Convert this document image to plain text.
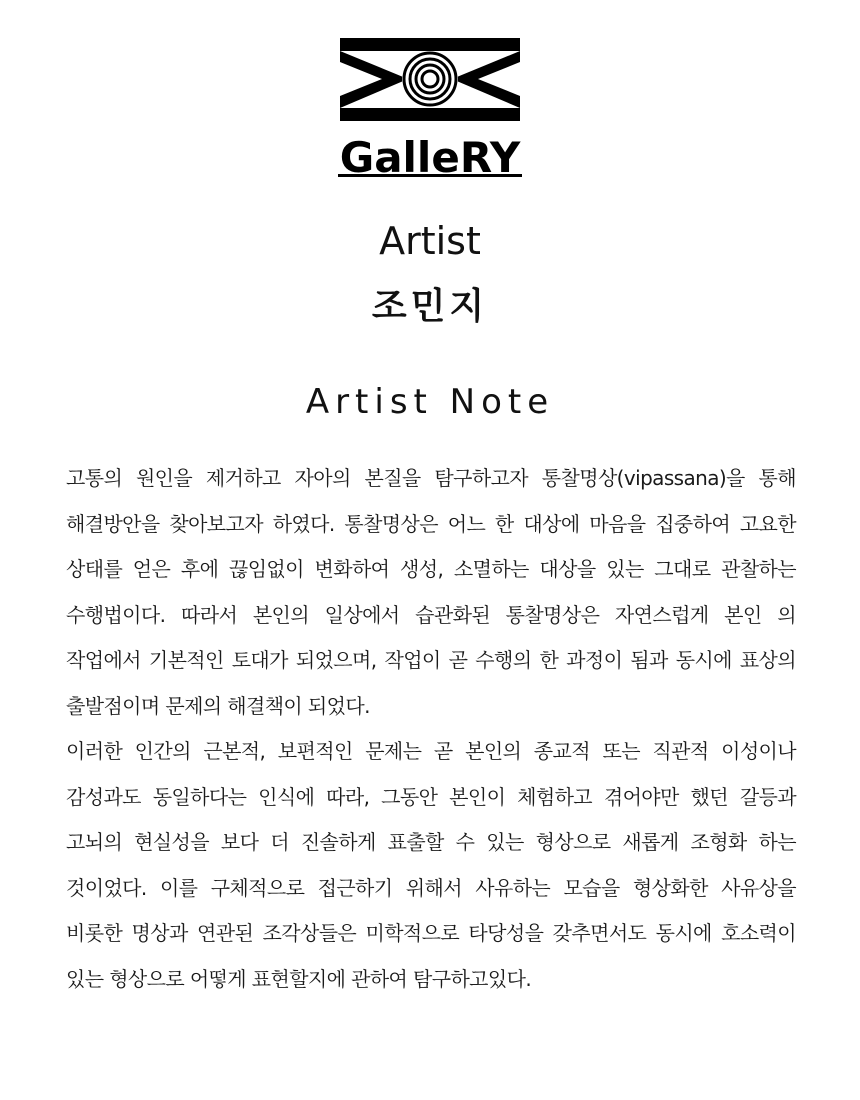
GalleRY
Artist
조민지
Artist Note

고통의 원인을 제거하고 자아의 본질을 탐구하고자 통찰명상(vipassana)을 통해 해결방안을 찾아보고자 하였다. 통찰명상은 어느 한 대상에 마음을 집중하여 고요한 상태를 얻은 후에 끊임없이 변화하여 생성, 소멸하는 대상을 있는 그대로 관찰하는 수행법이다. 따라서 본인의 일상에서 습관화된 통찰명상은 자연스럽게 본인 의 작업에서 기본적인 토대가 되었으며, 작업이 곧 수행의 한 과정이 됨과 동시에 표상의 출발점이며 문제의 해결책이 되었다.

이러한 인간의 근본적, 보편적인 문제는 곧 본인의 종교적 또는 직관적 이성이나 감성과도 동일하다는 인식에 따라, 그동안 본인이 체험하고 겪어야만 했던 갈등과 고뇌의 현실성을 보다 더 진솔하게 표출할 수 있는 형상으로 새롭게 조형화 하는 것이었다. 이를 구체적으로 접근하기 위해서 사유하는 모습을 형상화한 사유상을 비롯한 명상과 연관된 조각상들은 미학적으로 타당성을 갖추면서도 동시에 호소력이 있는 형상으로 어떻게 표현할지에 관하여 탐구하고있다.
